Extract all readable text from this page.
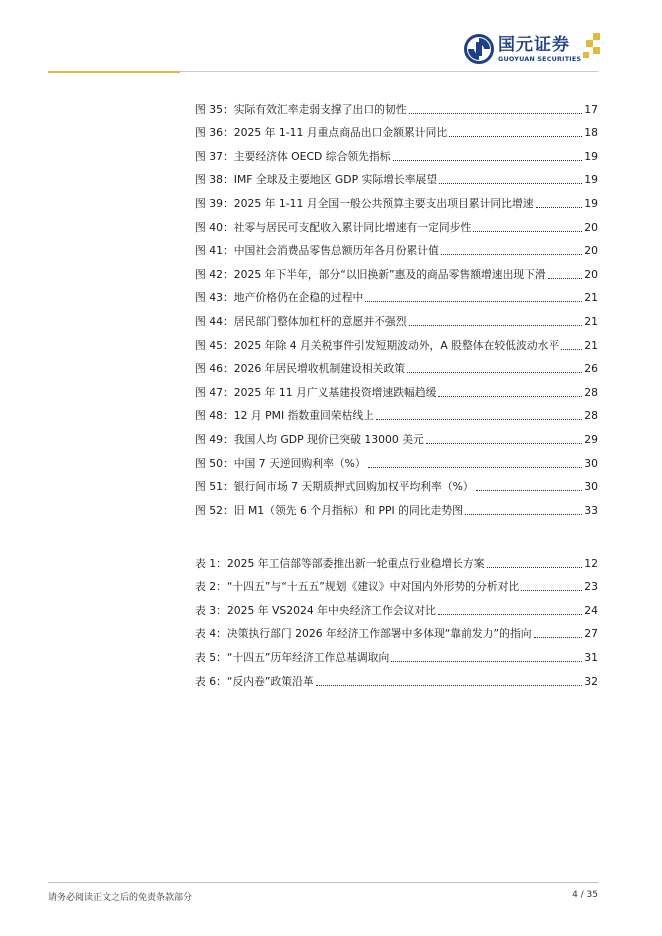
国元证券
GUOYUAN SECURITIES
图 35：实际有效汇率走弱支撑了出口的韧性	17
图 36：2025 年 1-11 月重点商品出口金额累计同比	18
图 37：主要经济体 OECD 综合领先指标	19
图 38：IMF 全球及主要地区 GDP 实际增长率展望	19
图 39：2025 年 1-11 月全国一般公共预算主要支出项目累计同比增速	19
图 40：社零与居民可支配收入累计同比增速有一定同步性	20
图 41：中国社会消费品零售总额历年各月份累计值	20
图 42：2025 年下半年，部分“以旧换新”惠及的商品零售额增速出现下滑	20
图 43：地产价格仍在企稳的过程中	21
图 44：居民部门整体加杠杆的意愿并不强烈	21
图 45：2025 年除 4 月关税事件引发短期波动外，A 股整体在较低波动水平 21
图 46：2026 年居民增收机制建设相关政策	26
图 47：2025 年 11 月广义基建投资增速跌幅趋缓	28
图 48：12 月 PMI 指数重回荣枯线上	28
图 49：我国人均 GDP 现价已突破 13000 美元	29
图 50：中国 7 天逆回购利率（%）	30
图 51：银行间市场 7 天期质押式回购加权平均利率（%）	30
图 52：旧 M1（领先 6 个月指标）和 PPI 的同比走势图	33
表 1：2025 年工信部等部委推出新一轮重点行业稳增长方案	12
表 2：“十四五”与“十五五”规划《建议》中对国内外形势的分析对比	23
表 3：2025 年 VS2024 年中央经济工作会议对比	24
表 4：决策执行部门 2026 年经济工作部署中多体现“靠前发力”的指向	27
表 5：“十四五”历年经济工作总基调取向	31
表 6：“反内卷”政策沿革	32
请务必阅读正文之后的免责条款部分	4 / 35
